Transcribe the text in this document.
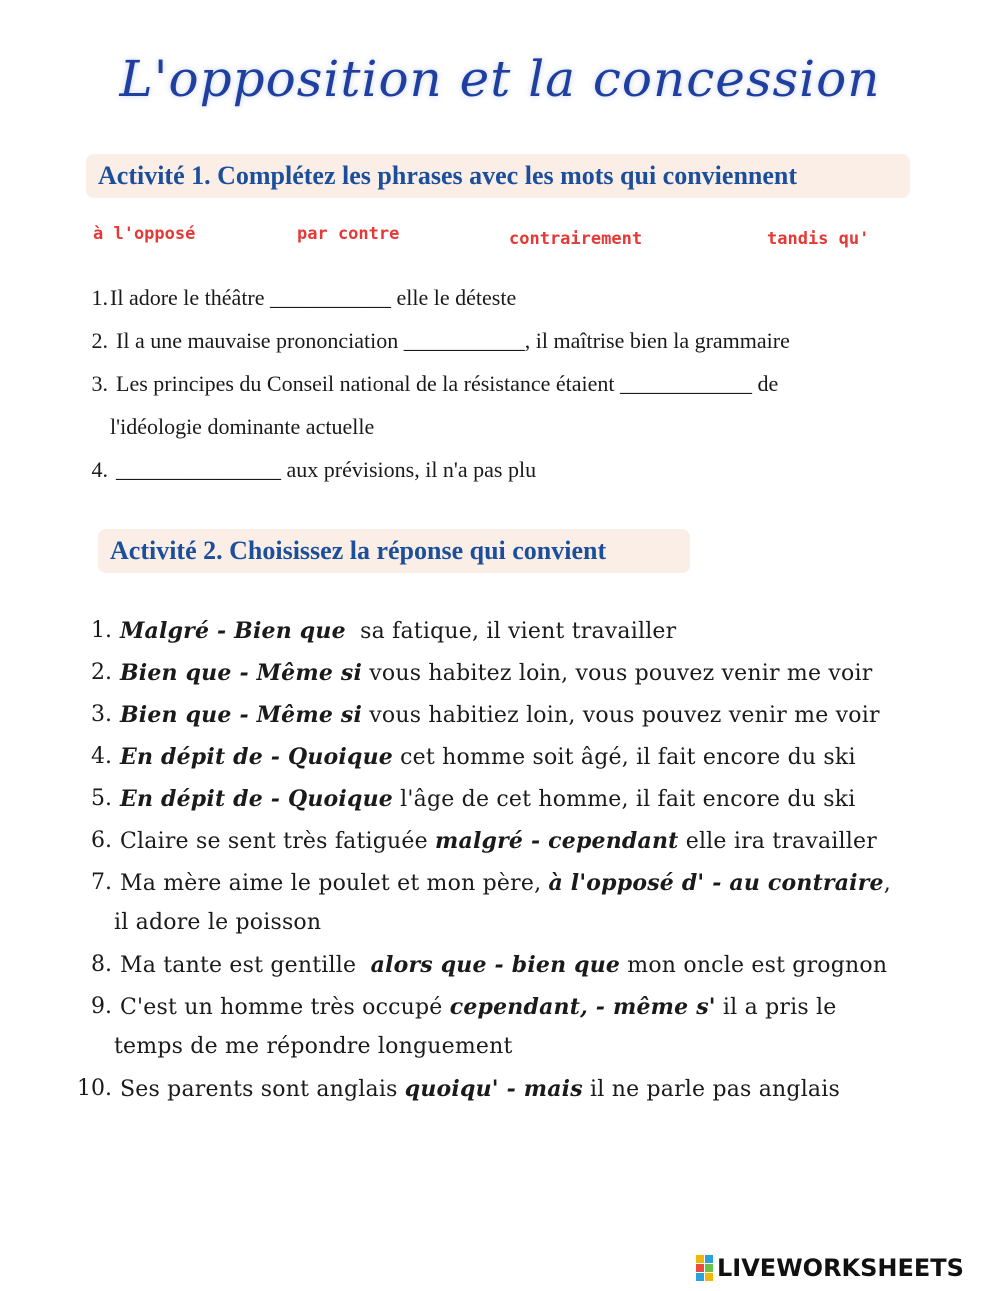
L'opposition et la concession
Activité 1. Complétez les phrases avec les mots qui conviennent
à l'opposé	par contre	contrairement	tandis qu'
1. Il adore le théâtre ___________ elle le déteste
2. Il a une mauvaise prononciation ___________, il maîtrise bien la grammaire
3. Les principes du Conseil national de la résistance étaient ____________ de
l'idéologie dominante actuelle
4. _______________ aux prévisions, il n'a pas plu
Activité 2. Choisissez la réponse qui convient
1. Malgré - Bien que  sa fatique, il vient travailler
2. Bien que - Même si vous habitez loin, vous pouvez venir me voir
3. Bien que - Même si vous habitiez loin, vous pouvez venir me voir
4. En dépit de - Quoique cet homme soit âgé, il fait encore du ski
5. En dépit de - Quoique l'âge de cet homme, il fait encore du ski
6. Claire se sent très fatiguée malgré - cependant elle ira travailler
7. Ma mère aime le poulet et mon père, à l'opposé d' - au contraire,
il adore le poisson
8. Ma tante est gentille  alors que - bien que mon oncle est grognon
9. C'est un homme très occupé cependant, - même s' il a pris le
temps de me répondre longuement
10. Ses parents sont anglais quoiqu' - mais il ne parle pas anglais
LIVEWORKSHEETS
